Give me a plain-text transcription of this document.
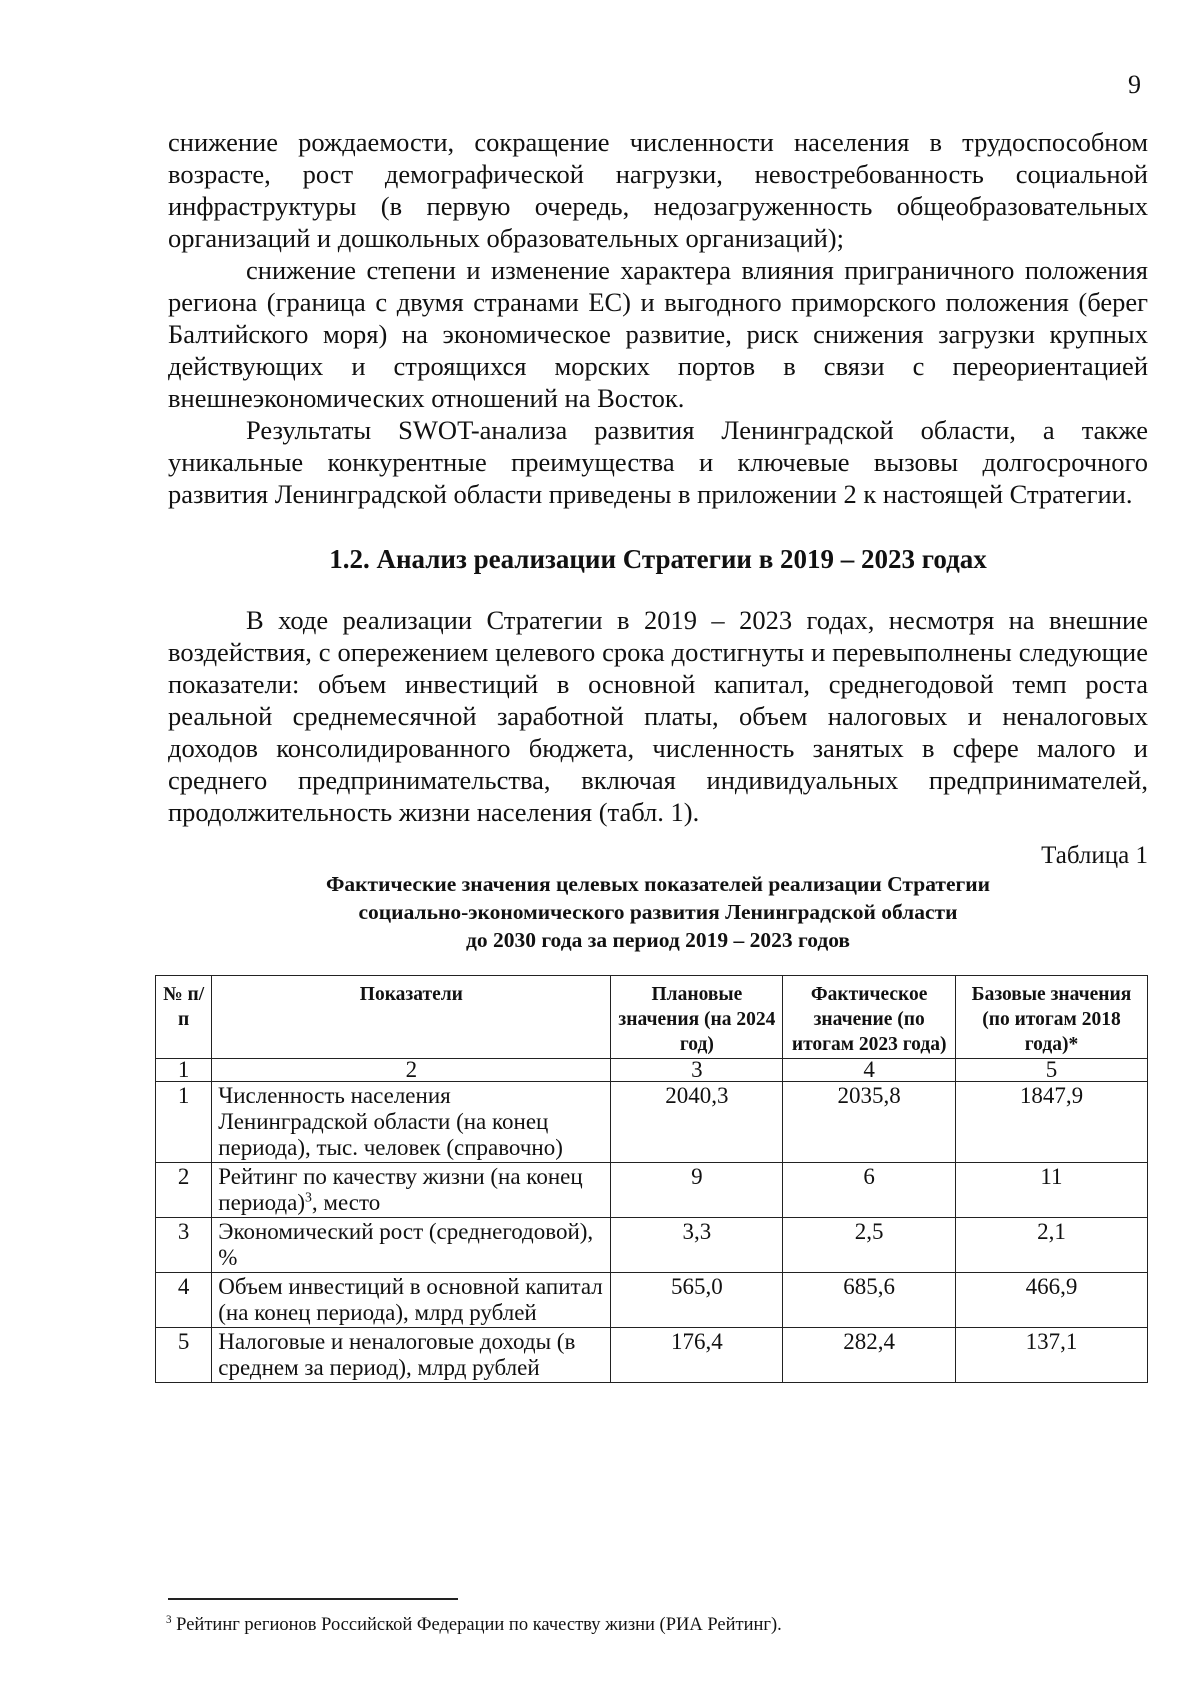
9

снижение рождаемости, сокращение численности населения в трудоспособном возрасте, рост демографической нагрузки, невостребованность социальной инфраструктуры (в первую очередь, недозагруженность общеобразовательных организаций и дошкольных образовательных организаций);

снижение степени и изменение характера влияния приграничного положения региона (граница с двумя странами ЕС) и выгодного приморского положения (берег Балтийского моря) на экономическое развитие, риск снижения загрузки крупных действующих и строящихся морских портов в связи с переориентацией внешнеэкономических отношений на Восток.

Результаты SWOT-анализа развития Ленинградской области, а также уникальные конкурентные преимущества и ключевые вызовы долгосрочного развития Ленинградской области приведены в приложении 2 к настоящей Стратегии.

1.2. Анализ реализации Стратегии в 2019 – 2023 годах

В ходе реализации Стратегии в 2019 – 2023 годах, несмотря на внешние воздействия, с опережением целевого срока достигнуты и перевыполнены следующие показатели: объем инвестиций в основной капитал, среднегодовой темп роста реальной среднемесячной заработной платы, объем налоговых и неналоговых доходов консолидированного бюджета, численность занятых в сфере малого и среднего предпринимательства, включая индивидуальных предпринимателей, продолжительность жизни населения (табл. 1).

Таблица 1
Фактические значения целевых показателей реализации Стратегии
социально-экономического развития Ленинградской области
до 2030 года за период 2019 – 2023 годов
№ п/п	Показатели	Плановые значения (на 2024 год)	Фактическое значение (по итогам 2023 года)	Базовые значения (по итогам 2018 года)*
1	2	3	4	5
1	Численность населения Ленинградской области (на конец периода), тыс. человек (справочно)	2040,3	2035,8	1847,9
2	Рейтинг по качеству жизни (на конец периода)$^3$, место	9	6	11
3	Экономический рост (среднегодовой), %	3,3	2,5	2,1
4	Объем инвестиций в основной капитал (на конец периода), млрд рублей	565,0	685,6	466,9
5	Налоговые и неналоговые доходы (в среднем за период), млрд рублей	176,4	282,4	137,1
$^3$ Рейтинг регионов Российской Федерации по качеству жизни (РИА Рейтинг).
